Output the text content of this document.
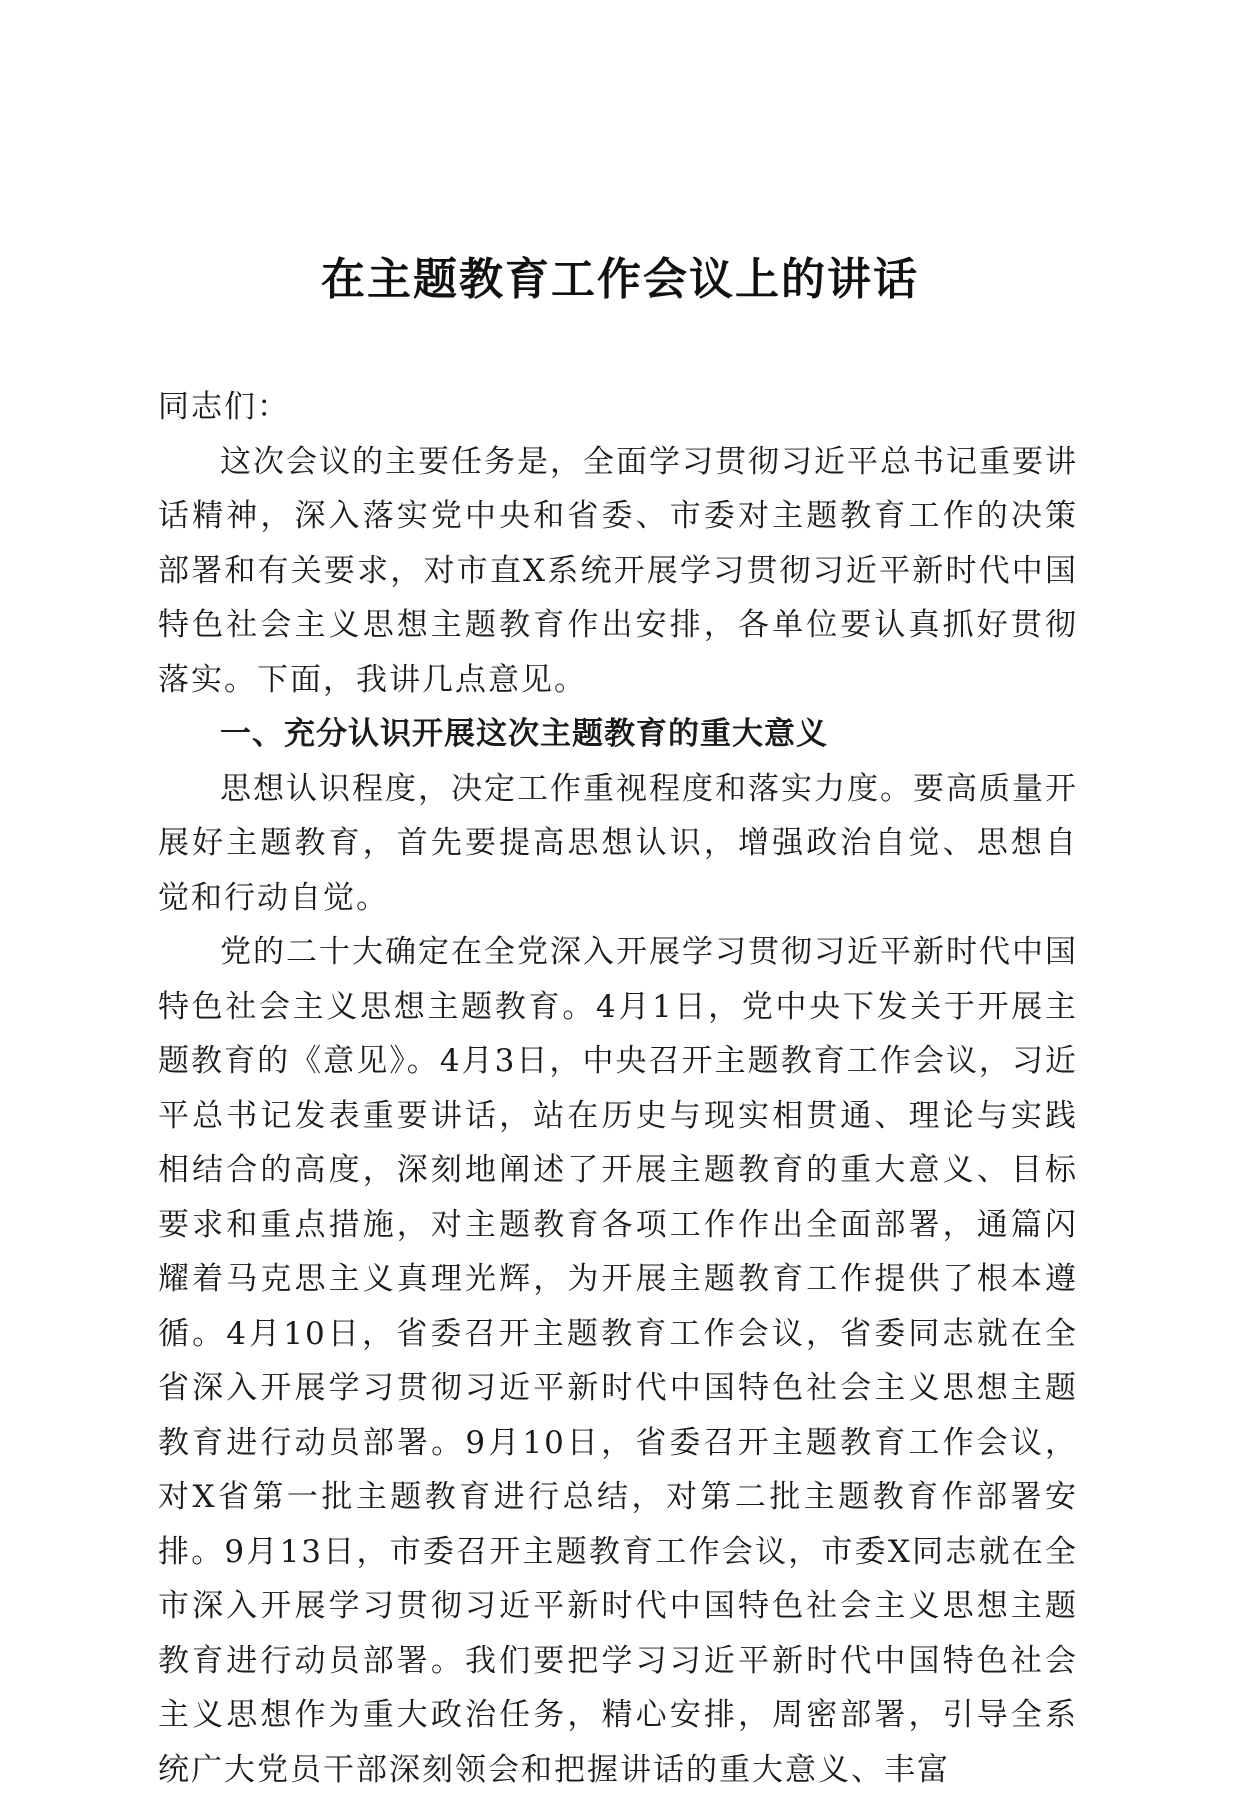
在主题教育工作会议上的讲话

同志们：

这次会议的主要任务是，全面学习贯彻习近平总书记重要讲话精神，深入落实党中央和省委、市委对主题教育工作的决策部署和有关要求，对市直X系统开展学习贯彻习近平新时代中国特色社会主义思想主题教育作出安排，各单位要认真抓好贯彻落实。下面，我讲几点意见。

一、充分认识开展这次主题教育的重大意义

思想认识程度，决定工作重视程度和落实力度。要高质量开展好主题教育，首先要提高思想认识，增强政治自觉、思想自觉和行动自觉。

党的二十大确定在全党深入开展学习贯彻习近平新时代中国特色社会主义思想主题教育。4月1日，党中央下发关于开展主题教育的《意见》。4月3日，中央召开主题教育工作会议，习近平总书记发表重要讲话，站在历史与现实相贯通、理论与实践相结合的高度，深刻地阐述了开展主题教育的重大意义、目标要求和重点措施，对主题教育各项工作作出全面部署，通篇闪耀着马克思主义真理光辉，为开展主题教育工作提供了根本遵循。4月10日，省委召开主题教育工作会议，省委同志就在全省深入开展学习贯彻习近平新时代中国特色社会主义思想主题教育进行动员部署。9月10日，省委召开主题教育工作会议，对X省第一批主题教育进行总结，对第二批主题教育作部署安排。9月13日，市委召开主题教育工作会议，市委X同志就在全市深入开展学习贯彻习近平新时代中国特色社会主义思想主题教育进行动员部署。我们要把学习习近平新时代中国特色社会主义思想作为重大政治任务，精心安排，周密部署，引导全系统广大党员干部深刻领会和把握讲话的重大意义、丰富
